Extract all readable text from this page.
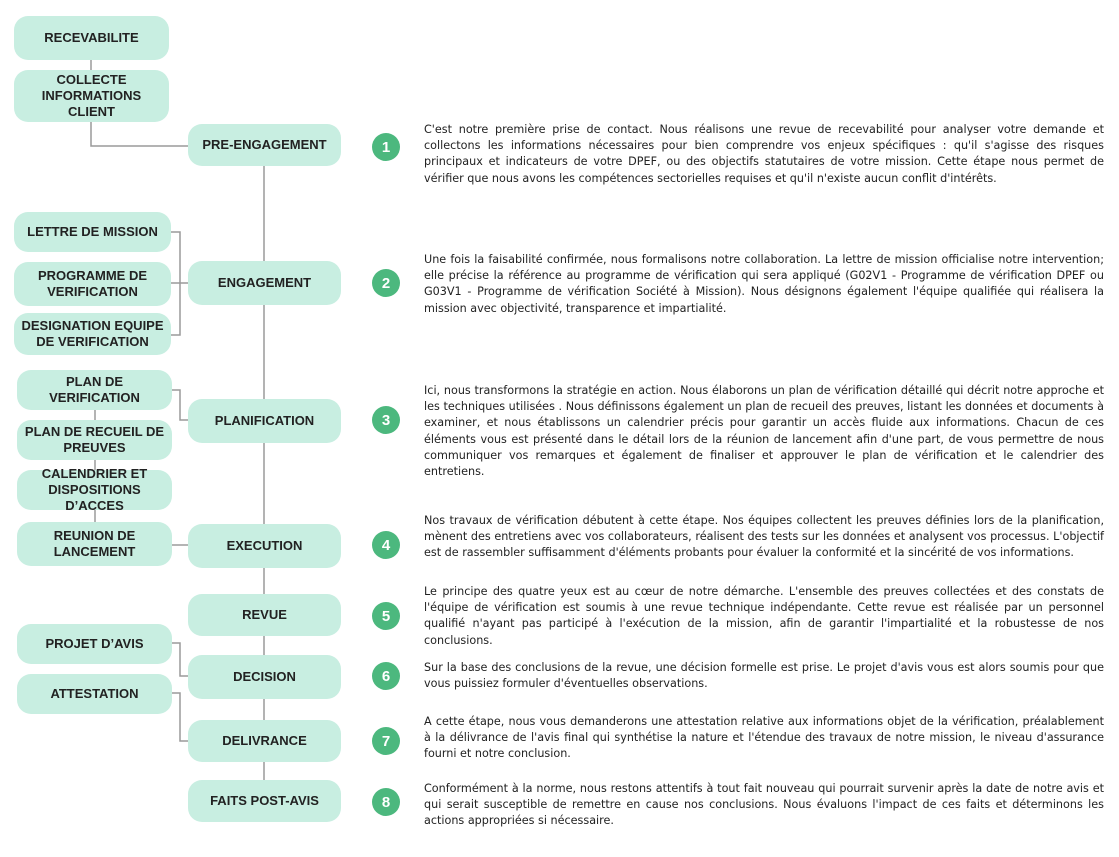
RECEVABILITE
COLLECTE
INFORMATIONS
CLIENT
LETTRE DE MISSION
PROGRAMME DE
VERIFICATION
DESIGNATION EQUIPE
DE VERIFICATION
PLAN DE VERIFICATION
PLAN DE RECUEIL DE
PREUVES
CALENDRIER ET
DISPOSITIONS D’ACCES
REUNION DE
LANCEMENT
PROJET D’AVIS
ATTESTATION
PRE-ENGAGEMENT
ENGAGEMENT
PLANIFICATION
EXECUTION
REVUE
DECISION
DELIVRANCE
FAITS POST-AVIS
1
2
3
4
5
6
7
8
C'est notre première prise de contact. Nous réalisons une revue de recevabilité pour analyser votre demande et collectons les informations nécessaires pour bien comprendre vos enjeux spécifiques : qu'il s'agisse des risques principaux et indicateurs de votre DPEF, ou des objectifs statutaires de votre mission. Cette étape nous permet de vérifier que nous avons les compétences sectorielles requises et qu'il n'existe aucun conflit d'intérêts.
Une fois la faisabilité confirmée, nous formalisons notre collaboration. La lettre de mission officialise notre intervention; elle précise la référence au programme de vérification qui sera appliqué (G02V1 - Programme de vérification DPEF ou G03V1 - Programme de vérification Société à Mission). Nous désignons également l'équipe qualifiée qui réalisera la mission avec objectivité, transparence et impartialité.
Ici, nous transformons la stratégie en action. Nous élaborons un plan de vérification détaillé qui décrit notre approche et les techniques utilisées . Nous définissons également un plan de recueil des preuves, listant les données et documents à examiner, et nous établissons un calendrier précis pour garantir un accès fluide aux informations. Chacun de ces éléments vous est présenté dans le détail lors de la réunion de lancement afin d'une part, de vous permettre de nous communiquer vos remarques et également de finaliser et approuver le plan de vérification et le calendrier des entretiens.
Nos travaux de vérification débutent à cette étape. Nos équipes collectent les preuves définies lors de la planification, mènent des entretiens avec vos collaborateurs, réalisent des tests sur les données et analysent vos processus. L'objectif est de rassembler suffisamment d'éléments probants pour évaluer la conformité et la sincérité de vos informations.
Le principe des quatre yeux est au cœur de notre démarche. L'ensemble des preuves collectées et des constats de l'équipe de vérification est soumis à une revue technique indépendante. Cette revue est réalisée par un personnel qualifié n'ayant pas participé à l'exécution de la mission, afin de garantir l'impartialité et la robustesse de nos conclusions.
Sur la base des conclusions de la revue, une décision formelle est prise. Le projet d'avis vous est alors soumis pour que vous puissiez formuler d'éventuelles observations.
A cette étape, nous vous demanderons une attestation relative aux informations objet de la vérification, préalablement à la délivrance de l'avis final qui synthétise la nature et l'étendue des travaux de notre mission, le niveau d'assurance fourni et notre conclusion.
Conformément à la norme, nous restons attentifs à tout fait nouveau qui pourrait survenir après la date de notre avis et qui serait susceptible de remettre en cause nos conclusions. Nous évaluons l'impact de ces faits et déterminons les actions appropriées si nécessaire.
